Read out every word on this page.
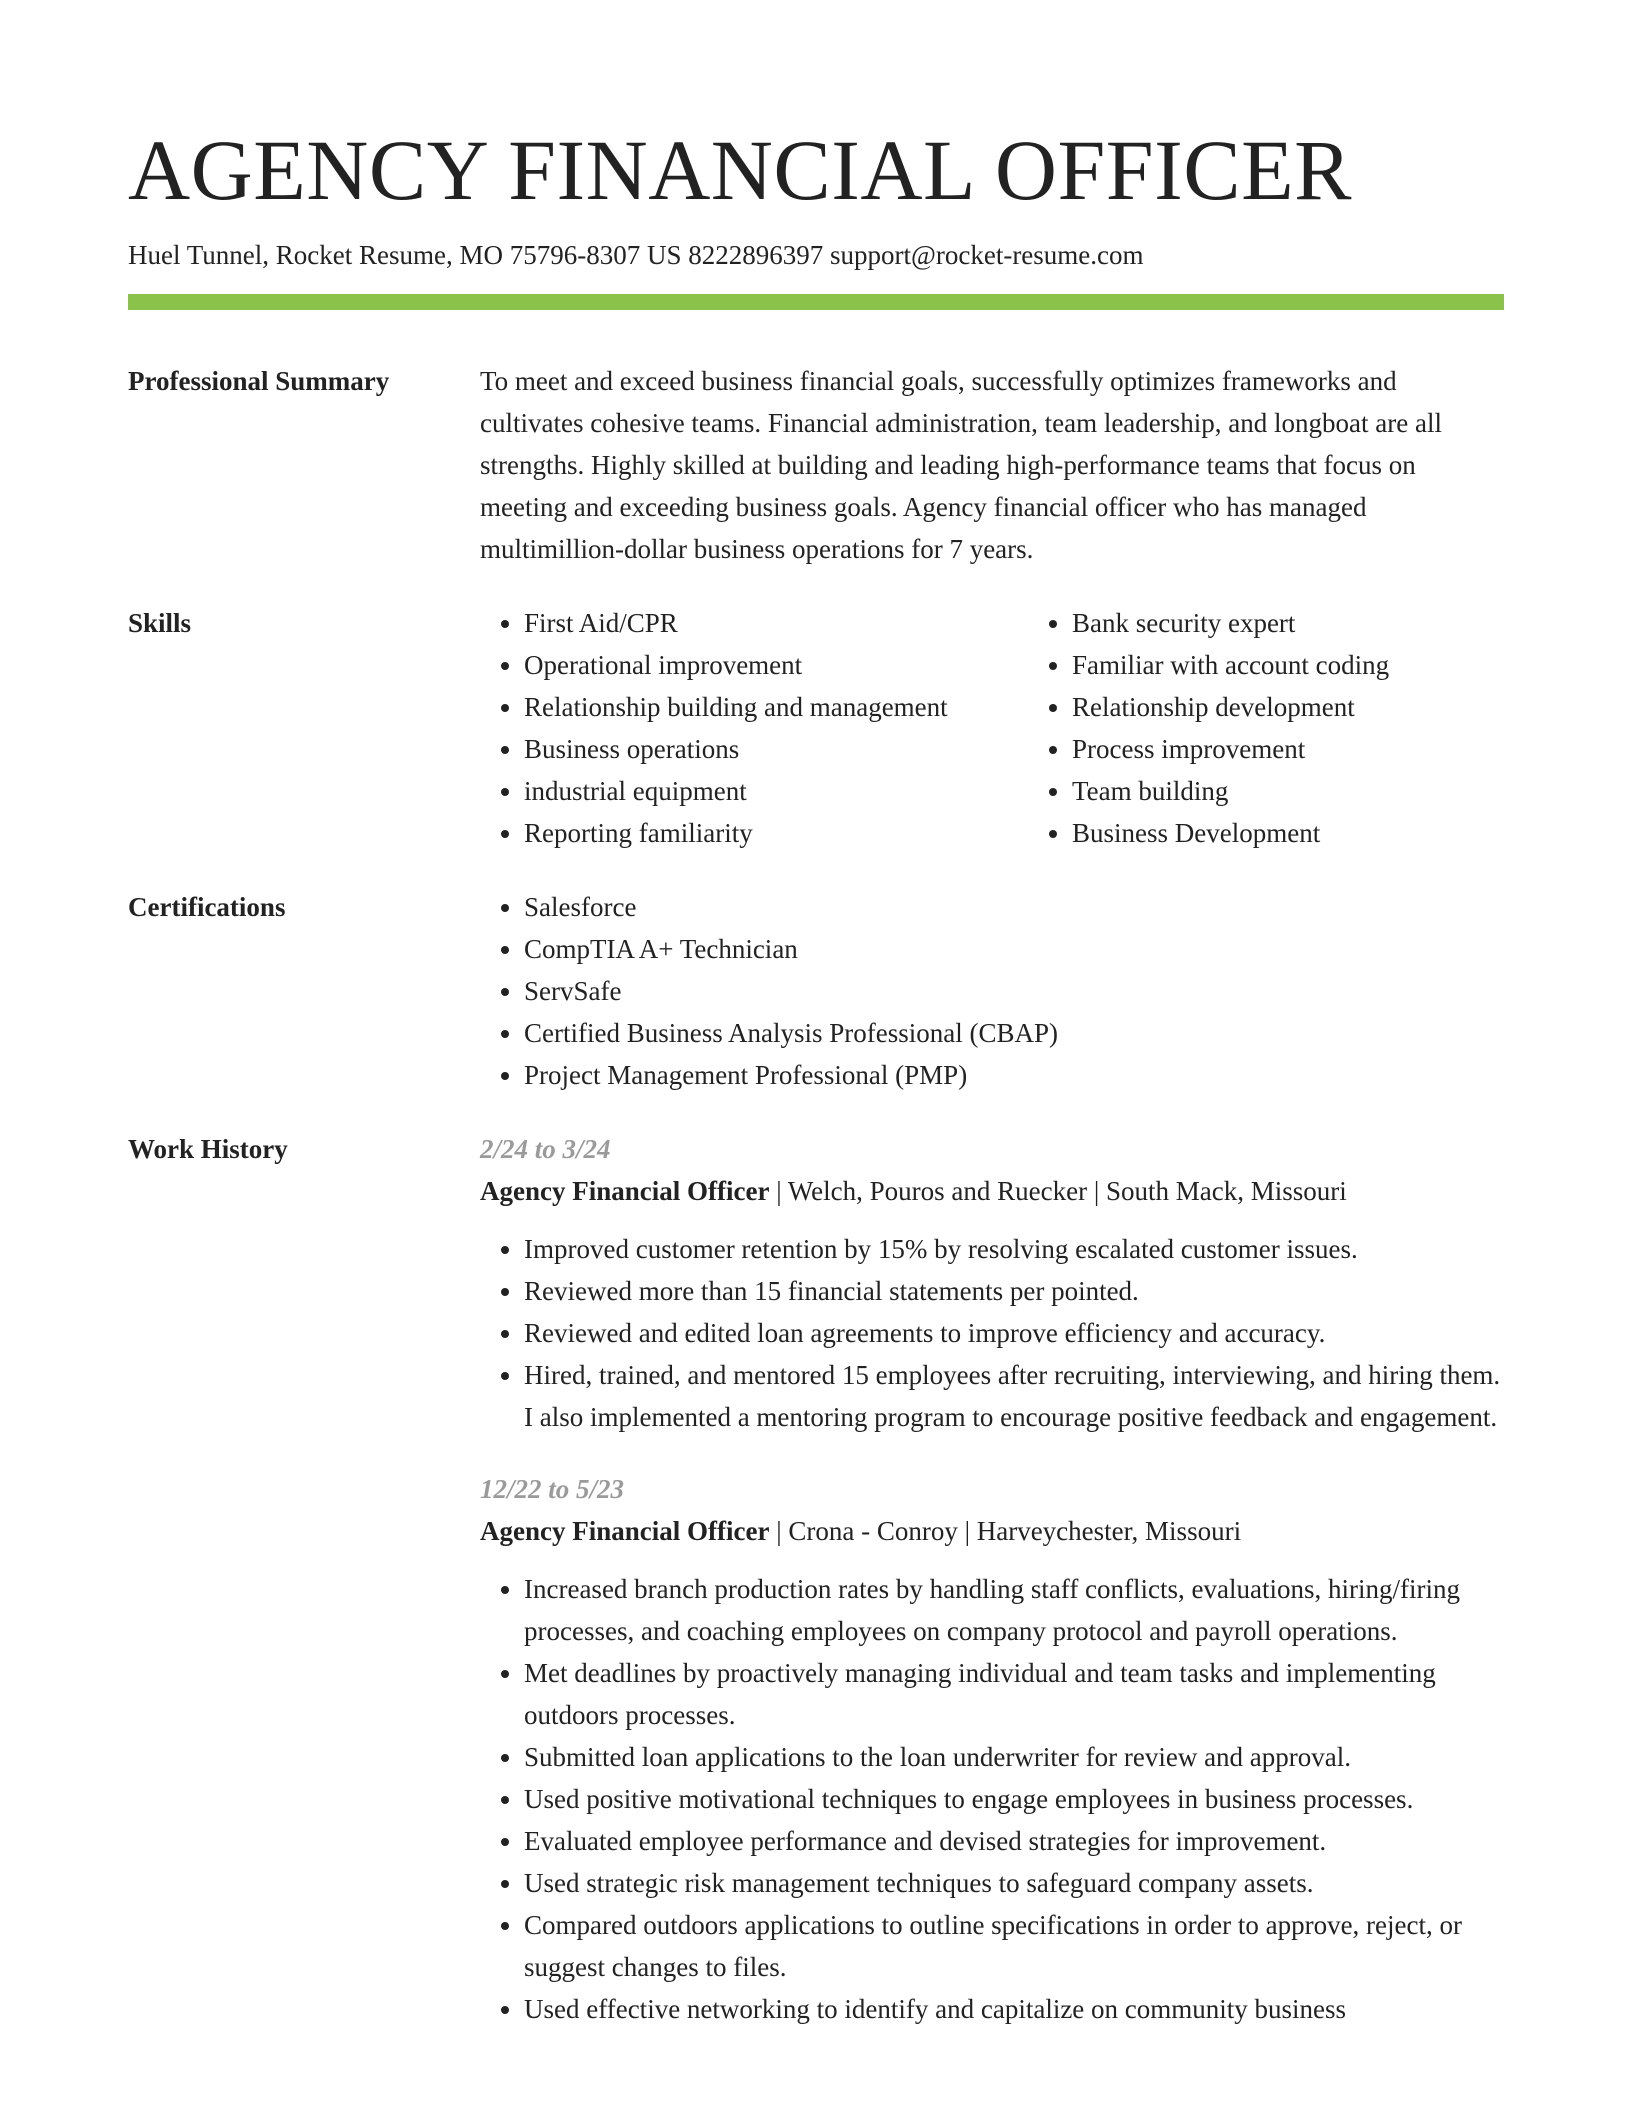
AGENCY FINANCIAL OFFICER
Huel Tunnel, Rocket Resume, MO 75796-8307 US 8222896397 support@rocket-resume.com
Professional Summary	To meet and exceed business financial goals, successfully optimizes frameworks and cultivates cohesive teams. Financial administration, team leadership, and longboat are all strengths. Highly skilled at building and leading high-performance teams that focus on meeting and exceeding business goals. Agency financial officer who has managed multimillion-dollar business operations for 7 years.

Skills	• First Aid/CPR
• Operational improvement
• Relationship building and management
• Business operations
• industrial equipment
• Reporting familiarity
• Bank security expert
• Familiar with account coding
• Relationship development
• Process improvement
• Team building
• Business Development
Certifications	• Salesforce
• CompTIA A+ Technician
• ServSafe
• Certified Business Analysis Professional (CBAP)
• Project Management Professional (PMP)
Work History	2/24 to 3/24
Agency Financial Officer | Welch, Pouros and Ruecker | South Mack, Missouri
• Improved customer retention by 15% by resolving escalated customer issues.
• Reviewed more than 15 financial statements per pointed.
• Reviewed and edited loan agreements to improve efficiency and accuracy.
• Hired, trained, and mentored 15 employees after recruiting, interviewing, and hiring them. I also implemented a mentoring program to encourage positive feedback and engagement.
12/22 to 5/23
Agency Financial Officer | Crona - Conroy | Harveychester, Missouri
• Increased branch production rates by handling staff conflicts, evaluations, hiring/firing processes, and coaching employees on company protocol and payroll operations.
• Met deadlines by proactively managing individual and team tasks and implementing outdoors processes.
• Submitted loan applications to the loan underwriter for review and approval.
• Used positive motivational techniques to engage employees in business processes.
• Evaluated employee performance and devised strategies for improvement.
• Used strategic risk management techniques to safeguard company assets.
• Compared outdoors applications to outline specifications in order to approve, reject, or suggest changes to files.
• Used effective networking to identify and capitalize on community business
